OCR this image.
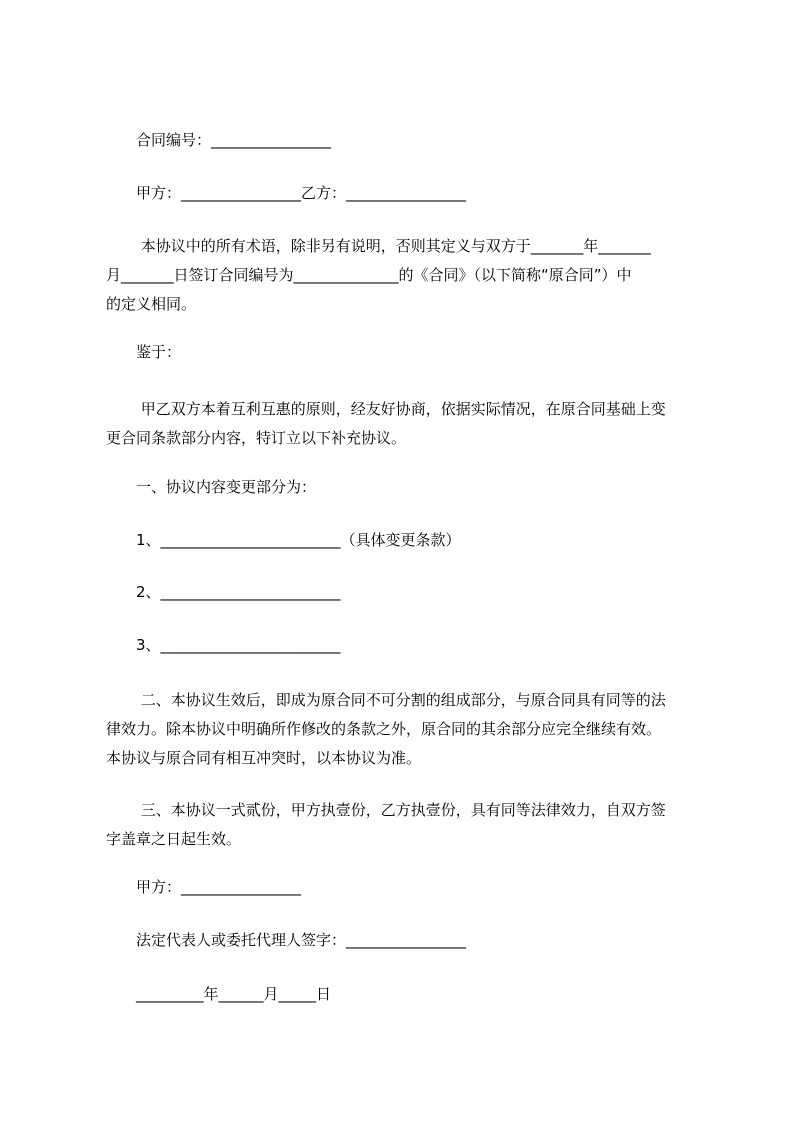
合同编号：________________
甲方：________________乙方：________________
本协议中的所有术语，除非另有说明，否则其定义与双方于_______年_______
月_______日签订合同编号为______________的《合同》（以下简称“原合同”）中
的定义相同。
鉴于：
甲乙双方本着互利互惠的原则，经友好协商，依据实际情况，在原合同基础上变
更合同条款部分内容，特订立以下补充协议。
一、协议内容变更部分为：
1、________________________（具体变更条款）
2、________________________
3、________________________
二、本协议生效后，即成为原合同不可分割的组成部分，与原合同具有同等的法
律效力。除本协议中明确所作修改的条款之外，原合同的其余部分应完全继续有效。
本协议与原合同有相互冲突时，以本协议为准。
三、本协议一式贰份，甲方执壹份，乙方执壹份，具有同等法律效力，自双方签
字盖章之日起生效。
甲方：________________
法定代表人或委托代理人签字：________________
_________年______月_____日
